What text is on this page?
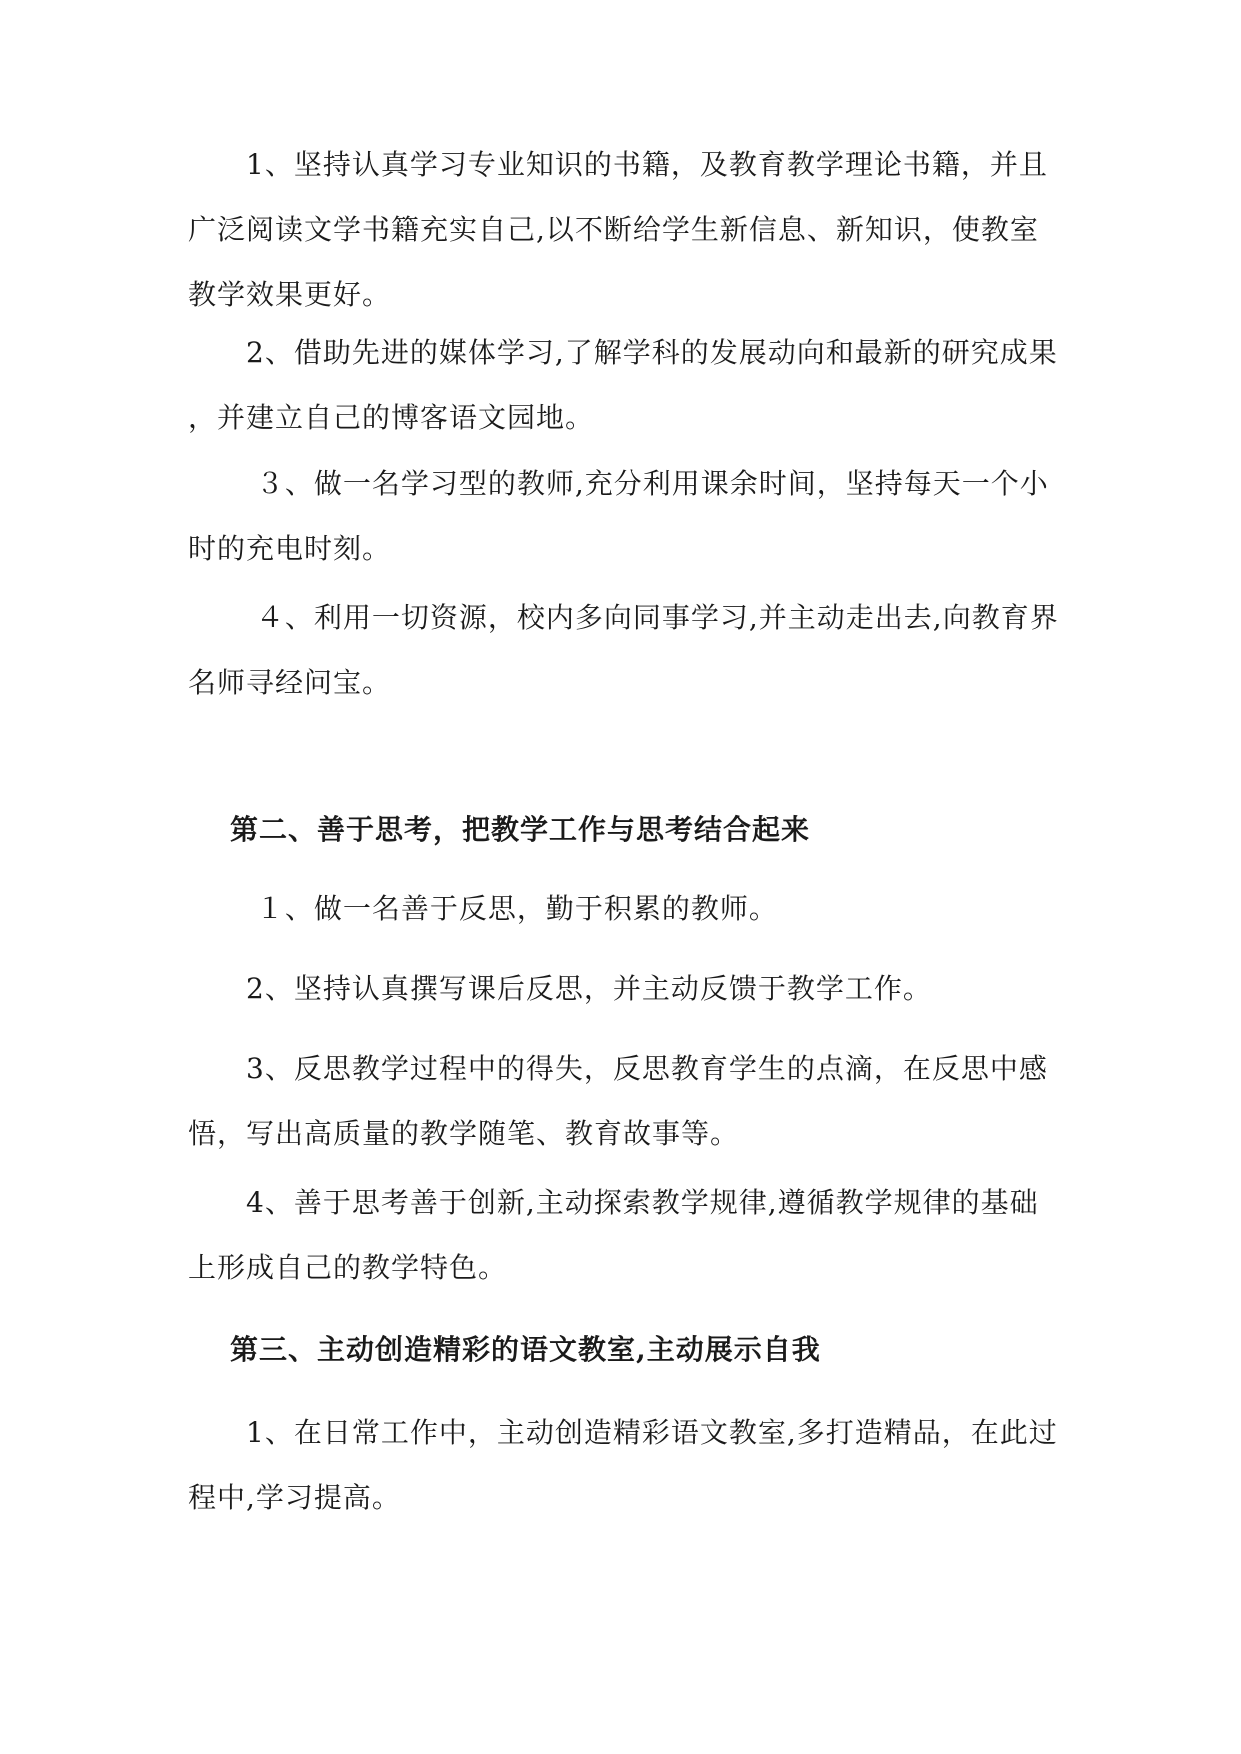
　　1、坚持认真学习专业知识的书籍，及教育教学理论书籍，并且
广泛阅读文学书籍充实自己,以不断给学生新信息、新知识，使教室
教学效果更好。

　　2、借助先进的媒体学习,了解学科的发展动向和最新的研究成果
，并建立自己的博客语文园地。

　　 ３、做一名学习型的教师,充分利用课余时间，坚持每天一个小
时的充电时刻。

　　 ４、利用一切资源，校内多向同事学习,并主动走出去,向教育界
名师寻经问宝。

第二、善于思考，把教学工作与思考结合起来

　　 １、做一名善于反思，勤于积累的教师。

　　2、坚持认真撰写课后反思，并主动反馈于教学工作。

　　3、反思教学过程中的得失，反思教育学生的点滴，在反思中感
悟，写出高质量的教学随笔、教育故事等。

　　4、善于思考善于创新,主动探索教学规律,遵循教学规律的基础
上形成自己的教学特色。

第三、主动创造精彩的语文教室,主动展示自我

　　1、在日常工作中，主动创造精彩语文教室,多打造精品，在此过
程中,学习提高。
